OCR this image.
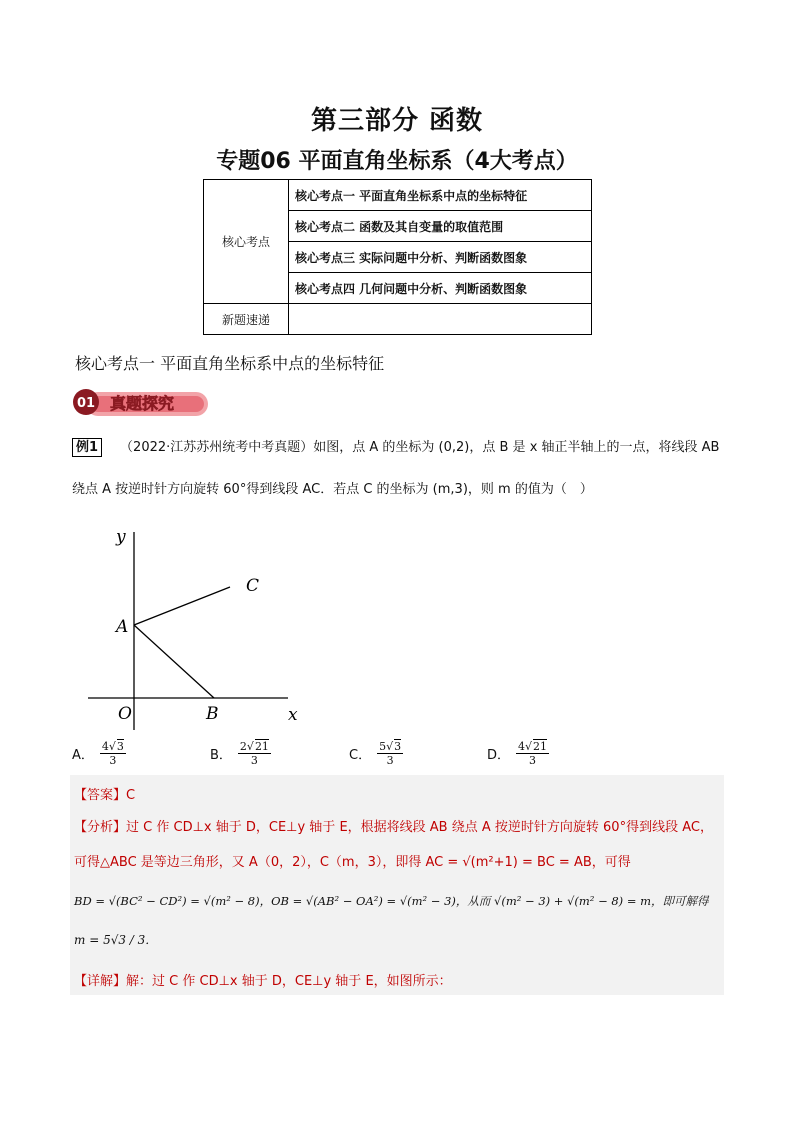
第三部分 函数
专题06 平面直角坐标系（4大考点）
核心考点	核心考点一 平面直角坐标系中点的坐标特征
	核心考点二 函数及其自变量的取值范围
	核心考点三 实际问题中分析、判断函数图象
	核心考点四 几何问题中分析、判断函数图象
新题速递	
核心考点一 平面直角坐标系中点的坐标特征
01 真题探究
例1 （2022·江苏苏州统考中考真题）如图，点 A 的坐标为 (0,2)，点 B 是 x 轴正半轴上的一点，将线段 AB
绕点 A 按逆时针方向旋转 60°得到线段 AC．若点 C 的坐标为 (m,3)，则 m 的值为（　）
y
x
O
A
B
C
A． $\frac{4√3}{3}$	B． $\frac{2√21}{3}$	C． $\frac{5√3}{3}$	D． $\frac{4√21}{3}$
【答案】C
【分析】过 C 作 CD⊥x 轴于 D，CE⊥y 轴于 E，根据将线段 AB 绕点 A 按逆时针方向旋转 60°得到线段 AC，
可得△ABC 是等边三角形，又 A（0，2），C（m，3），即得 AC = √(m²+1) = BC = AB，可得
BD = √(BC² − CD²) = √(m² − 8)，OB = √(AB² − OA²) = √(m² − 3)，从而 √(m² − 3) + √(m² − 8) = m，即可解得
m = 5√3 / 3．
【详解】解：过 C 作 CD⊥x 轴于 D，CE⊥y 轴于 E，如图所示：
